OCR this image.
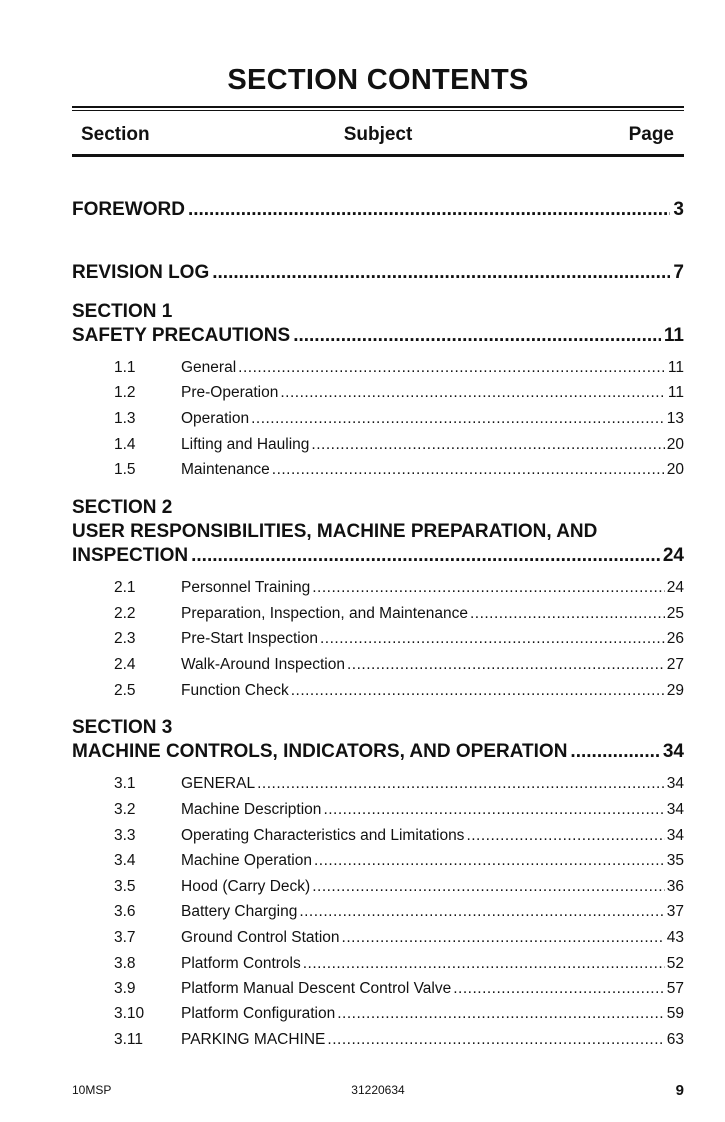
SECTION CONTENTS
Section	Subject	Page
FOREWORD .....	3
REVISION LOG .....	7
SECTION 1
SAFETY PRECAUTIONS .....	11
1.1	General .....	11
1.2	Pre-Operation .....	11
1.3	Operation .....	13
1.4	Lifting and Hauling .....	20
1.5	Maintenance .....	20
SECTION 2
USER RESPONSIBILITIES, MACHINE PREPARATION, AND
INSPECTION .....	24
2.1	Personnel Training .....	24
2.2	Preparation, Inspection, and Maintenance .....	25
2.3	Pre-Start Inspection .....	26
2.4	Walk-Around Inspection .....	27
2.5	Function Check .....	29
SECTION 3
MACHINE CONTROLS, INDICATORS, AND OPERATION .....	34
3.1	GENERAL .....	34
3.2	Machine Description .....	34
3.3	Operating Characteristics and Limitations .....	34
3.4	Machine Operation .....	35
3.5	Hood (Carry Deck) .....	36
3.6	Battery Charging .....	37
3.7	Ground Control Station .....	43
3.8	Platform Controls .....	52
3.9	Platform Manual Descent Control Valve .....	57
3.10	Platform Configuration .....	59
3.11	PARKING MACHINE .....	63
10MSP	31220634	9
